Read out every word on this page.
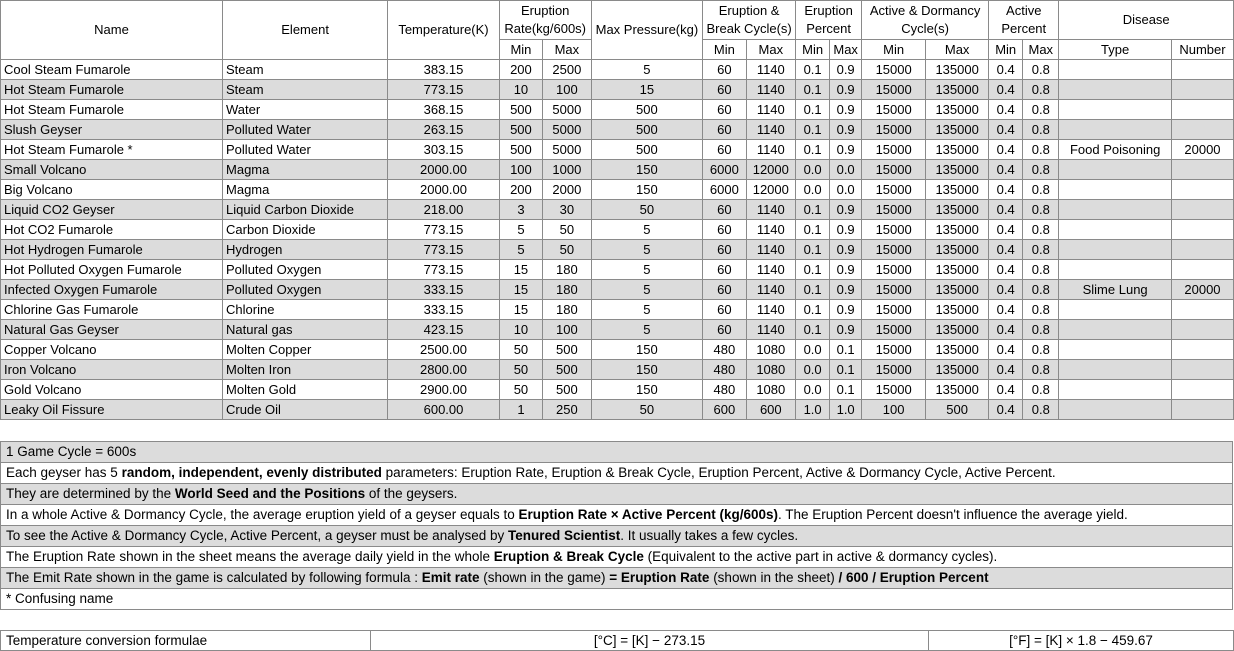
Name	Element	Temperature(K)	Eruption Rate(kg/600s)		Max Pressure(kg)	Eruption & Break Cycle(s)		Eruption Percent		Active & Dormancy Cycle(s)		Active Percent		Disease	
			Min	Max		Min	Max	Min	Max	Min	Max	Min	Max	Type	Number
Cool Steam Fumarole	Steam	383.15	200	2500	5	60	1140	0.1	0.9	15000	135000	0.4	0.8		
Hot Steam Fumarole	Steam	773.15	10	100	15	60	1140	0.1	0.9	15000	135000	0.4	0.8		
Hot Steam Fumarole	Water	368.15	500	5000	500	60	1140	0.1	0.9	15000	135000	0.4	0.8		
Slush Geyser	Polluted Water	263.15	500	5000	500	60	1140	0.1	0.9	15000	135000	0.4	0.8		
Hot Steam Fumarole *	Polluted Water	303.15	500	5000	500	60	1140	0.1	0.9	15000	135000	0.4	0.8	Food Poisoning	20000
Small Volcano	Magma	2000.00	100	1000	150	6000	12000	0.0	0.0	15000	135000	0.4	0.8		
Big Volcano	Magma	2000.00	200	2000	150	6000	12000	0.0	0.0	15000	135000	0.4	0.8		
Liquid CO2 Geyser	Liquid Carbon Dioxide	218.00	3	30	50	60	1140	0.1	0.9	15000	135000	0.4	0.8		
Hot CO2 Fumarole	Carbon Dioxide	773.15	5	50	5	60	1140	0.1	0.9	15000	135000	0.4	0.8		
Hot Hydrogen Fumarole	Hydrogen	773.15	5	50	5	60	1140	0.1	0.9	15000	135000	0.4	0.8		
Hot Polluted Oxygen Fumarole	Polluted Oxygen	773.15	15	180	5	60	1140	0.1	0.9	15000	135000	0.4	0.8		
Infected Oxygen Fumarole	Polluted Oxygen	333.15	15	180	5	60	1140	0.1	0.9	15000	135000	0.4	0.8	Slime Lung	20000
Chlorine Gas Fumarole	Chlorine	333.15	15	180	5	60	1140	0.1	0.9	15000	135000	0.4	0.8		
Natural Gas Geyser	Natural gas	423.15	10	100	5	60	1140	0.1	0.9	15000	135000	0.4	0.8		
Copper Volcano	Molten Copper	2500.00	50	500	150	480	1080	0.0	0.1	15000	135000	0.4	0.8		
Iron Volcano	Molten Iron	2800.00	50	500	150	480	1080	0.0	0.1	15000	135000	0.4	0.8		
Gold Volcano	Molten Gold	2900.00	50	500	150	480	1080	0.0	0.1	15000	135000	0.4	0.8		
Leaky Oil Fissure	Crude Oil	600.00	1	250	50	600	600	1.0	1.0	100	500	0.4	0.8		
1 Game Cycle = 600s
Each geyser has 5 random, independent, evenly distributed parameters: Eruption Rate, Eruption & Break Cycle, Eruption Percent, Active & Dormancy Cycle, Active Percent.
They are determined by the World Seed and the Positions of the geysers.
In a whole Active & Dormancy Cycle, the average eruption yield of a geyser equals to Eruption Rate × Active Percent (kg/600s). The Eruption Percent doesn't influence the average yield.
To see the Active & Dormancy Cycle, Active Percent, a geyser must be analysed by Tenured Scientist. It usually takes a few cycles.
The Eruption Rate shown in the sheet means the average daily yield in the whole Eruption & Break Cycle (Equivalent to the active part in active & dormancy cycles).
The Emit Rate shown in the game is calculated by following formula : Emit rate (shown in the game) = Eruption Rate (shown in the sheet) / 600 / Eruption Percent
* Confusing name
Temperature conversion formulae	[°C] = [K] − 273.15	[°F] = [K] × 1.8 − 459.67
